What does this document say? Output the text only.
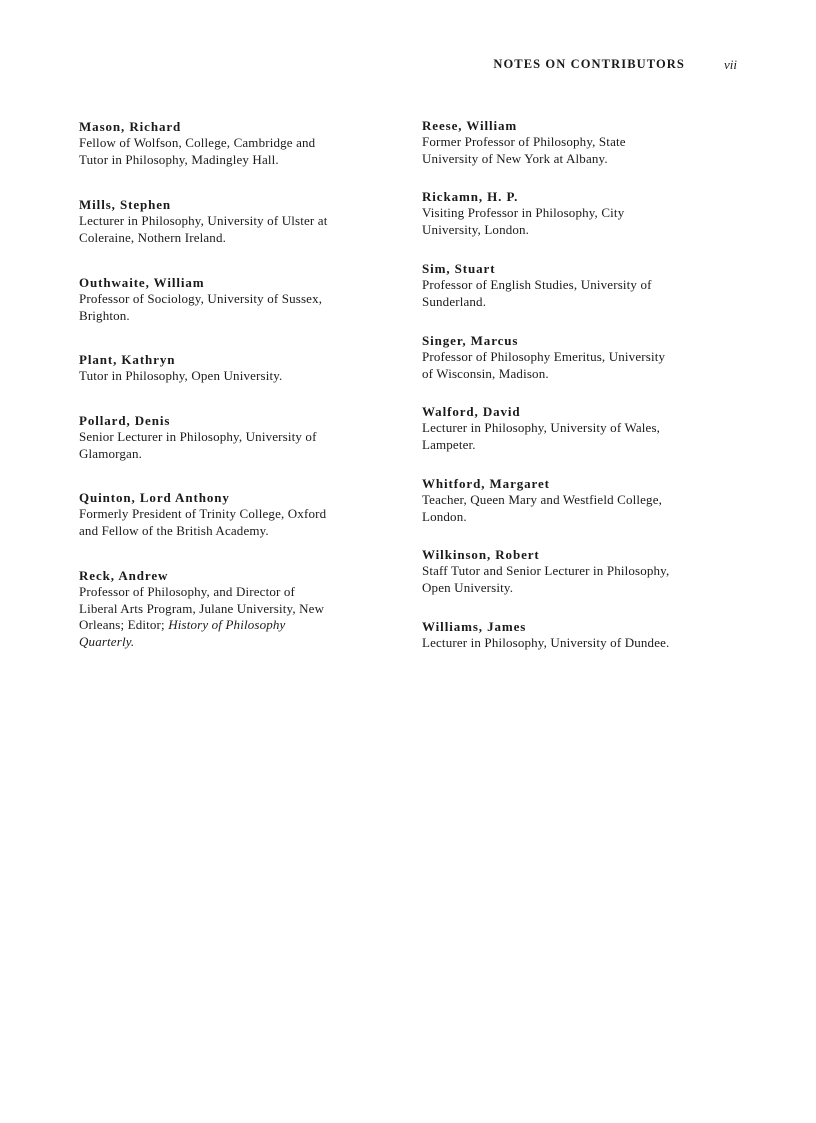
NOTES ON CONTRIBUTORS	vii
Mason, Richard
Fellow of Wolfson, College, Cambridge and
Tutor in Philosophy, Madingley Hall.
Mills, Stephen
Lecturer in Philosophy, University of Ulster at
Coleraine, Nothern Ireland.
Outhwaite, William
Professor of Sociology, University of Sussex,
Brighton.
Plant, Kathryn
Tutor in Philosophy, Open University.
Pollard, Denis
Senior Lecturer in Philosophy, University of
Glamorgan.
Quinton, Lord Anthony
Formerly President of Trinity College, Oxford
and Fellow of the British Academy.
Reck, Andrew
Professor of Philosophy, and Director of
Liberal Arts Program, Julane University, New
Orleans; Editor; History of Philosophy
Quarterly.
Reese, William
Former Professor of Philosophy, State
University of New York at Albany.
Rickamn, H. P.
Visiting Professor in Philosophy, City
University, London.
Sim, Stuart
Professor of English Studies, University of
Sunderland.
Singer, Marcus
Professor of Philosophy Emeritus, University
of Wisconsin, Madison.
Walford, David
Lecturer in Philosophy, University of Wales,
Lampeter.
Whitford, Margaret
Teacher, Queen Mary and Westfield College,
London.
Wilkinson, Robert
Staff Tutor and Senior Lecturer in Philosophy,
Open University.
Williams, James
Lecturer in Philosophy, University of Dundee.
